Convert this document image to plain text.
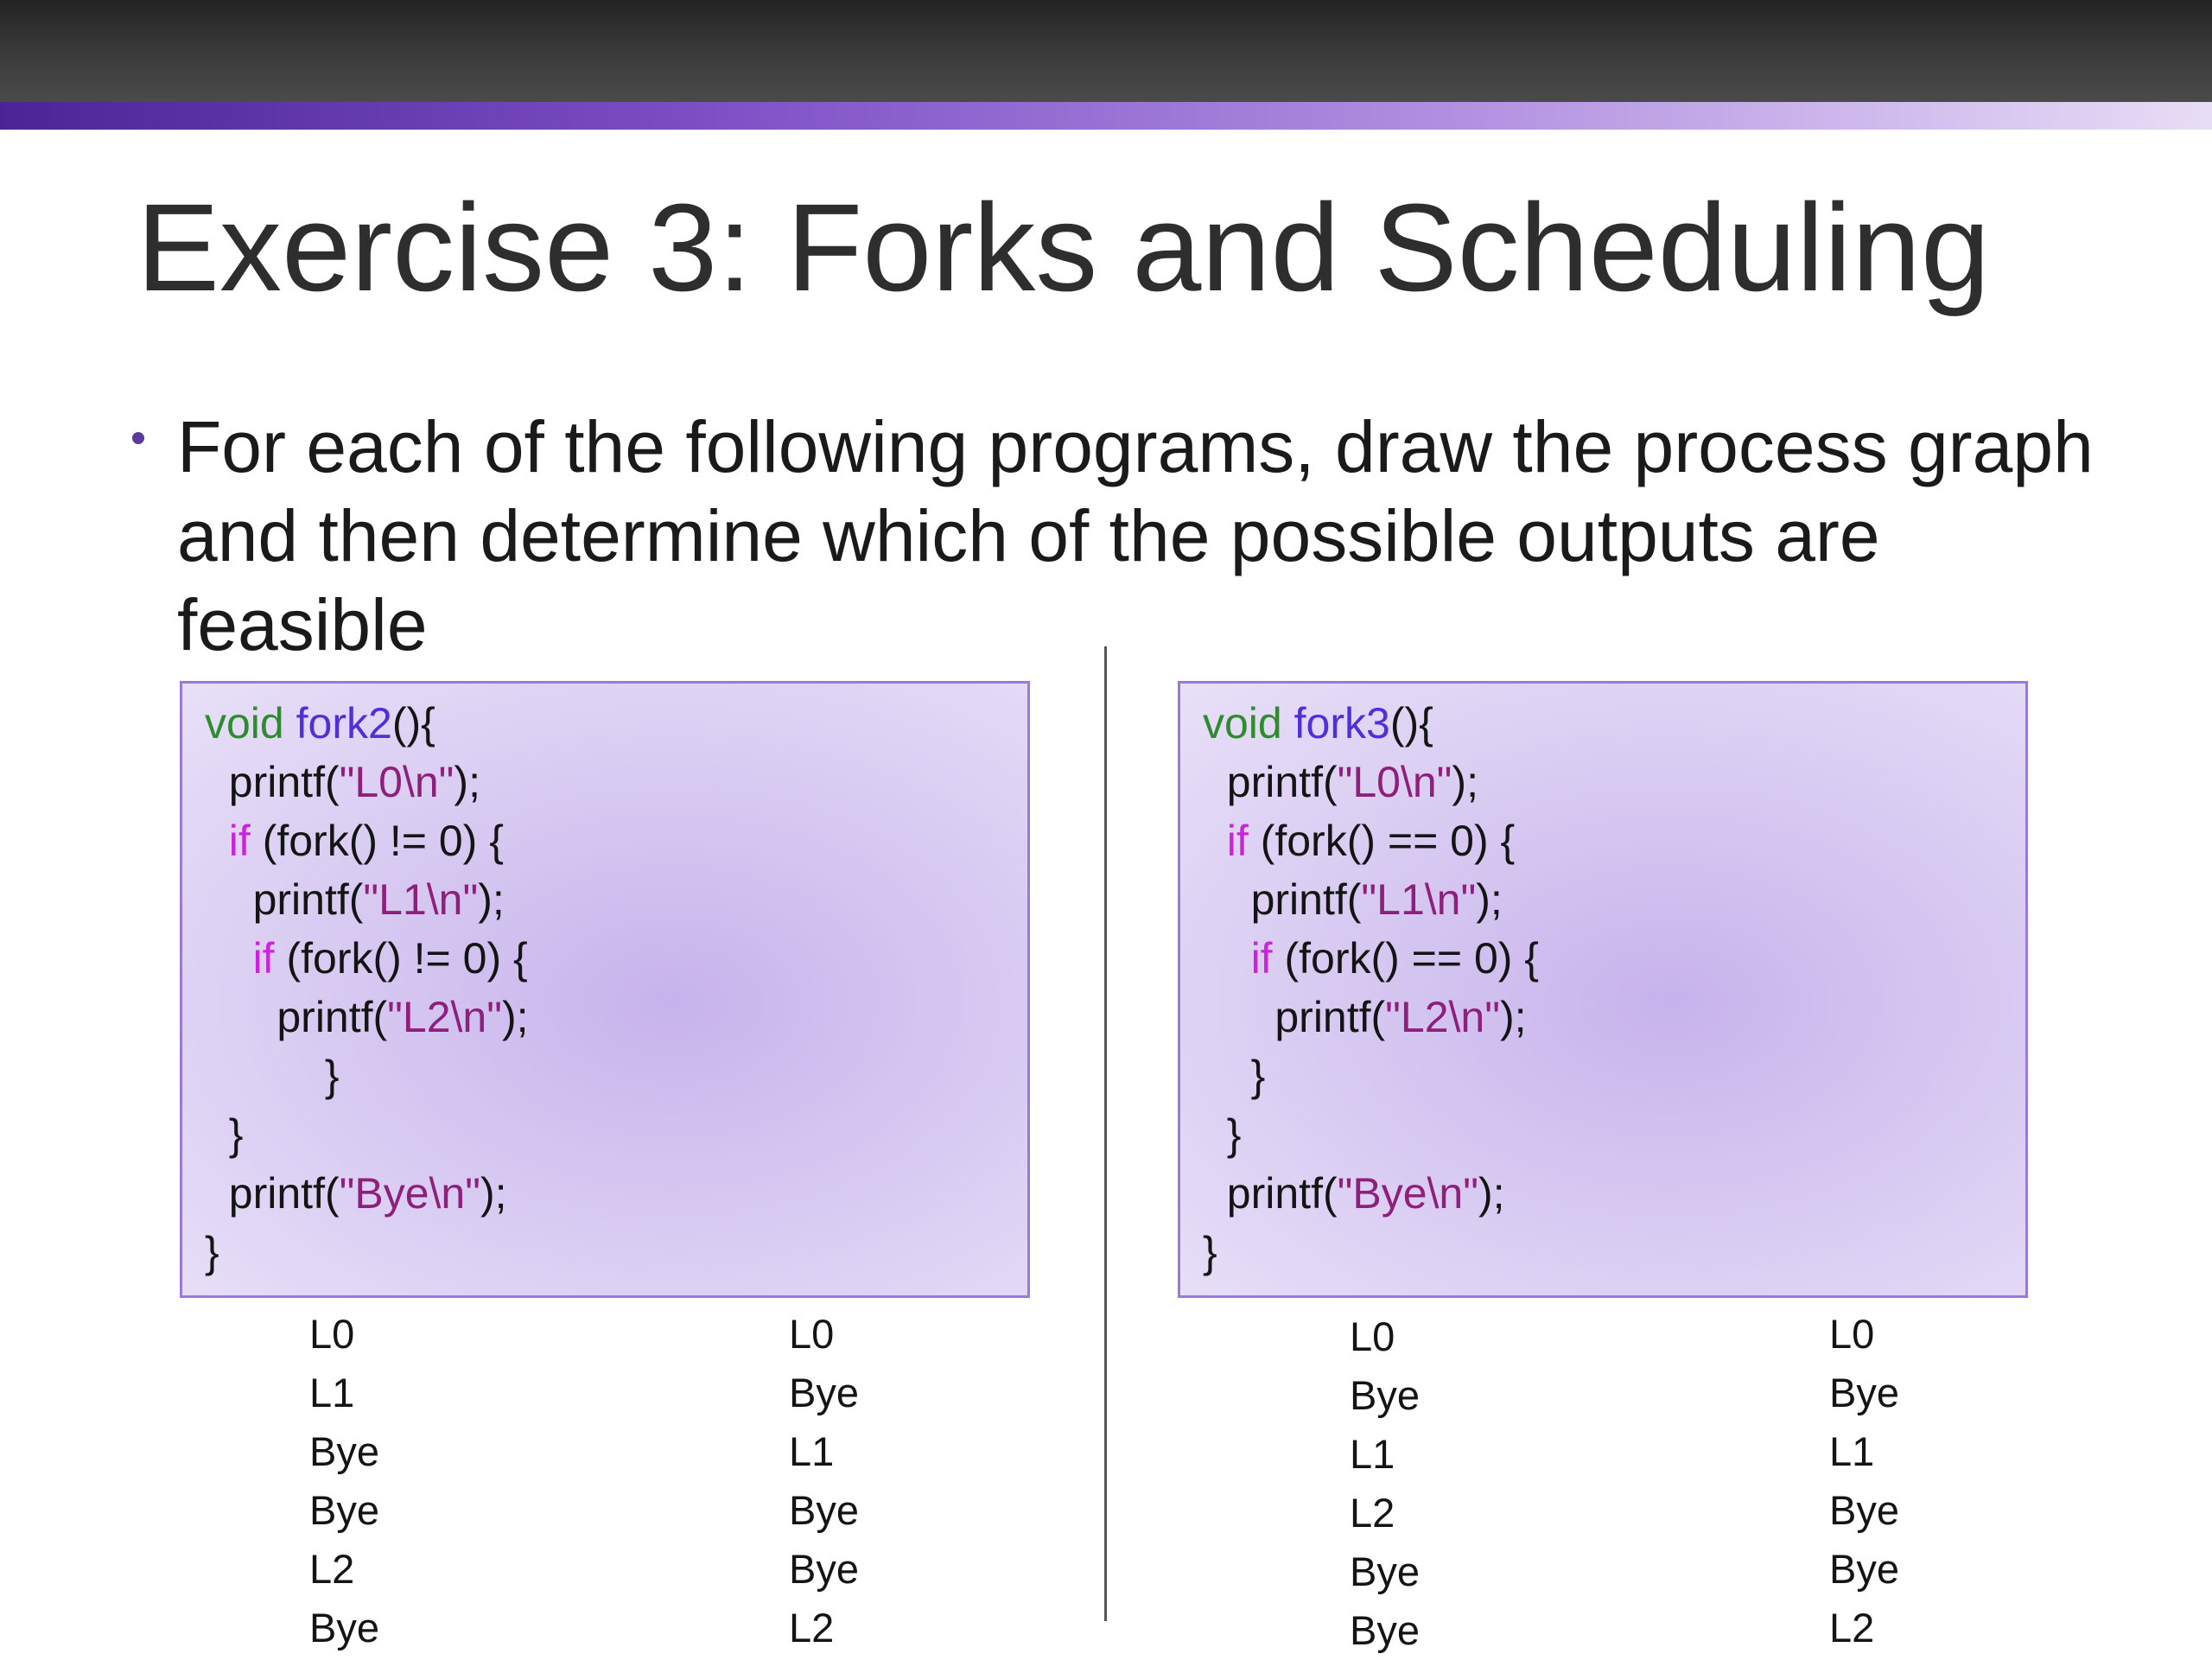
Exercise 3: Forks and Scheduling

For each of the following programs, draw the process graph and then determine which of the possible outputs are feasible

void fork2(){
printf("L0\n");
if (fork() != 0) {
printf("L1\n");
if (fork() != 0) {
printf("L2\n");
}
}
printf("Bye\n");
}

void fork3(){
printf("L0\n");
if (fork() == 0) {
printf("L1\n");
if (fork() == 0) {
printf("L2\n");
}
}
printf("Bye\n");
}

L0
L1
Bye
Bye
L2
Bye
L0
Bye
L1
Bye
Bye
L2
L0
Bye
L1
L2
Bye
Bye
L0
Bye
L1
Bye
Bye
L2
